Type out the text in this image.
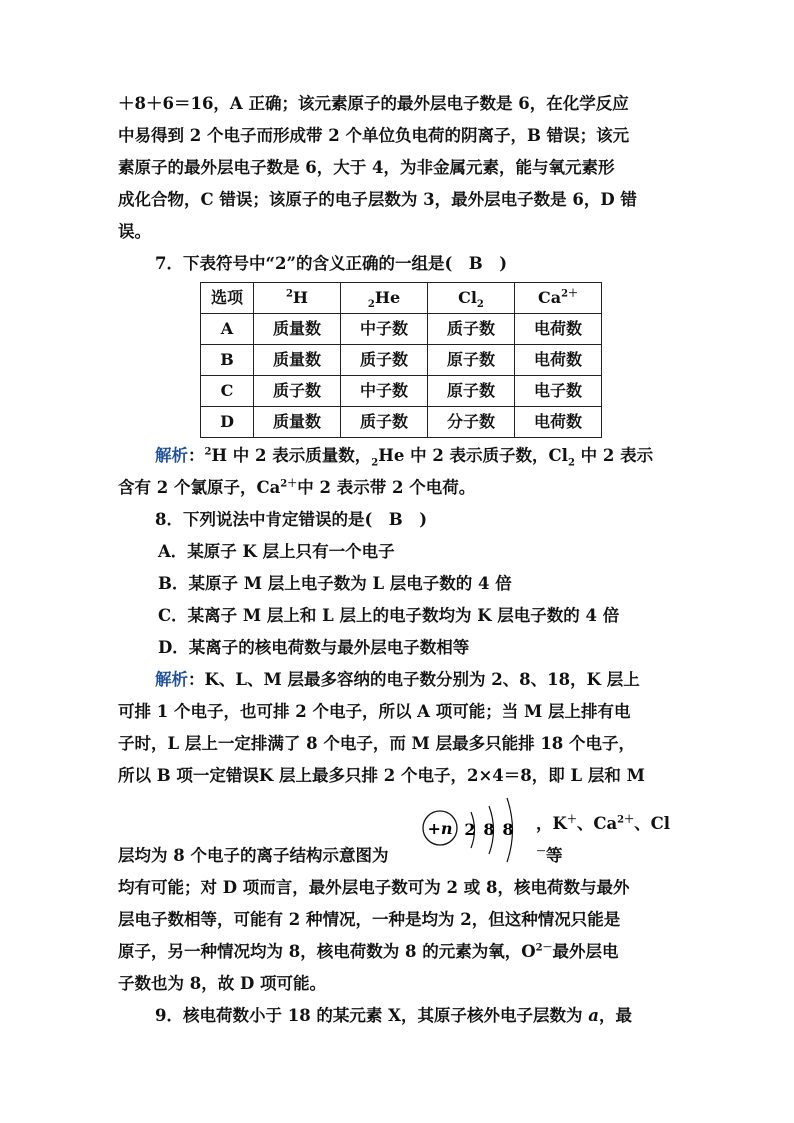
＋8＋6＝16，A 正确；该元素原子的最外层电子数是 6，在化学反应

中易得到 2 个电子而形成带 2 个单位负电荷的阴离子，B 错误；该元

素原子的最外层电子数是 6，大于 4，为非金属元素，能与氧元素形

成化合物，C 错误；该原子的电子层数为 3，最外层电子数是 6，D 错

误。

7．下表符号中“2”的含义正确的一组是(　B　)

选项	$^2$H	$_2$He	$Cl_2$	$Ca^{2+}$
A	质量数	中子数	质子数	电荷数
B	质量数	质子数	原子数	电荷数
C	质子数	中子数	原子数	电子数
D	质量数	质子数	分子数	电荷数

解析：$^2$H 中 2 表示质量数，$_2$He 中 2 表示质子数，$Cl_2$ 中 2 表示

含有 2 个氯原子，$Ca^{2+}$中 2 表示带 2 个电荷。

8．下列说法中肯定错误的是(　B　)

A．某原子 K 层上只有一个电子

B．某原子 M 层上电子数为 L 层电子数的 4 倍

C．某离子 M 层上和 L 层上的电子数均为 K 层电子数的 4 倍

D．某离子的核电荷数与最外层电子数相等

解析：K、L、M 层最多容纳的电子数分别为 2、8、18，K 层上

可排 1 个电子，也可排 2 个电子，所以 A 项可能；当 M 层上排有电

子时，L 层上一定排满了 8 个电子，而 M 层最多只能排 18 个电子，

所以 B 项一定错误K 层上最多只排 2 个电子，2×4＝8，即 L 层和 M

层均为 8 个电子的离子结构示意图为
+n 2 8 8 ，K＋、$Ca^{2+}$、Cl－等

均有可能；对 D 项而言，最外层电子数可为 2 或 8，核电荷数与最外

层电子数相等，可能有 2 种情况，一种是均为 2，但这种情况只能是

原子，另一种情况均为 8，核电荷数为 8 的元素为氧，$O^{2-}$最外层电

子数也为 8，故 D 项可能。

9．核电荷数小于 18 的某元素 X，其原子核外电子层数为 a，最
